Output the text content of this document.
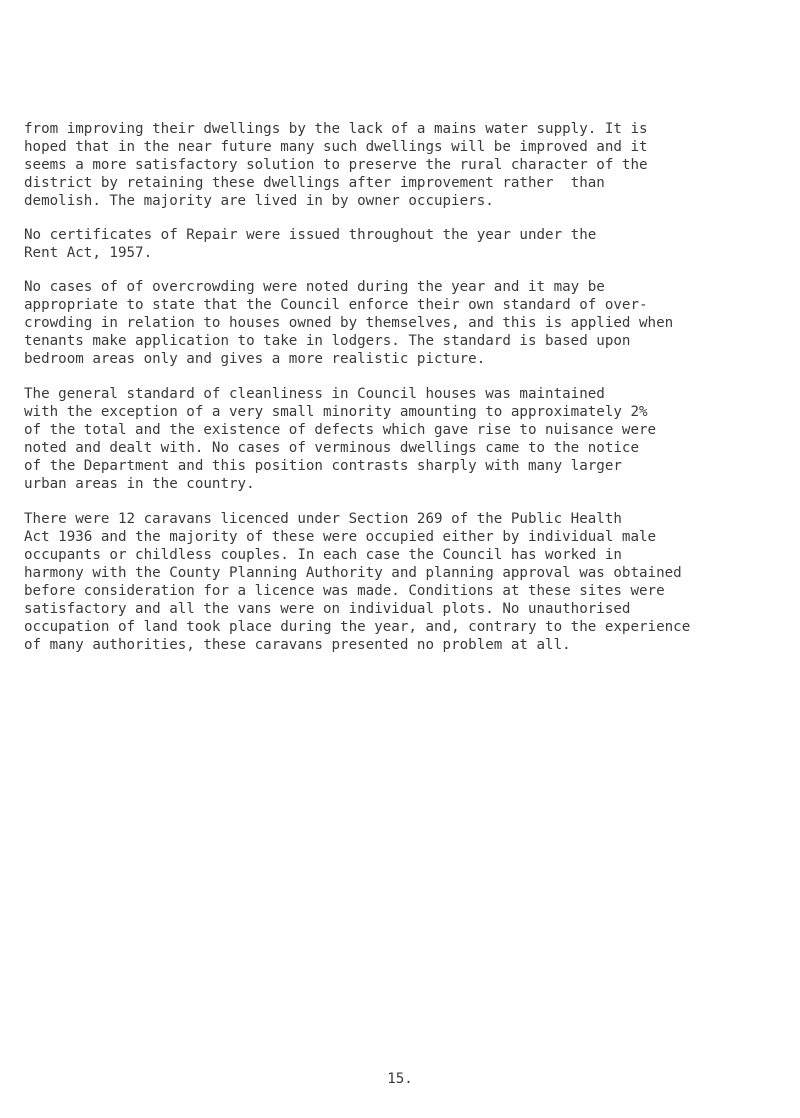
from improving their dwellings by the lack of a mains water supply. It is

hoped that in the near future many such dwellings will be improved and it

seems a more satisfactory solution to preserve the rural character of the

district by retaining these dwellings after improvement rather  than

demolish. The majority are lived in by owner occupiers.

No certificates of Repair were issued throughout the year under the

Rent Act, 1957.

No cases of of overcrowding were noted during the year and it may be

appropriate to state that the Council enforce their own standard of over-

crowding in relation to houses owned by themselves, and this is applied when

tenants make application to take in lodgers. The standard is based upon

bedroom areas only and gives a more realistic picture.

The general standard of cleanliness in Council houses was maintained

with the exception of a very small minority amounting to approximately 2%

of the total and the existence of defects which gave rise to nuisance were

noted and dealt with. No cases of verminous dwellings came to the notice

of the Department and this position contrasts sharply with many larger

urban areas in the country.

There were 12 caravans licenced under Section 269 of the Public Health

Act 1936 and the majority of these were occupied either by individual male

occupants or childless couples. In each case the Council has worked in

harmony with the County Planning Authority and planning approval was obtained

before consideration for a licence was made. Conditions at these sites were

satisfactory and all the vans were on individual plots. No unauthorised

occupation of land took place during the year, and, contrary to the experience

of many authorities, these caravans presented no problem at all.

15.
